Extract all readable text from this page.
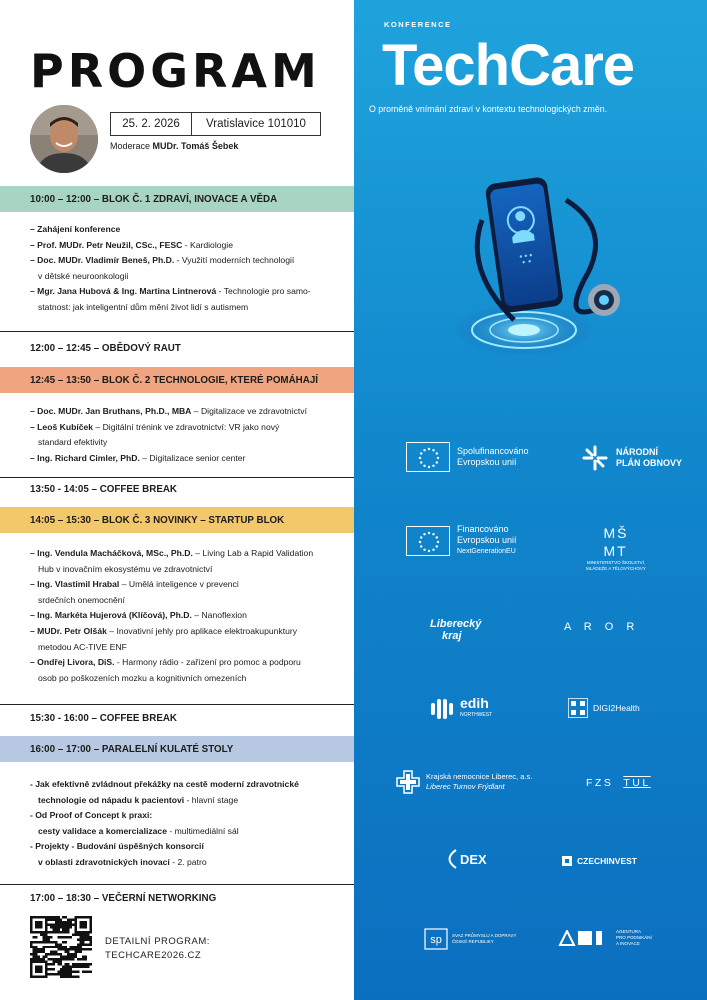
PROGRAM
25. 2. 2026	Vratislavice 101010
Moderace MUDr. Tomáš Šebek
10:00 – 12:00 – BLOK Č. 1 ZDRAVÍ, INOVACE A VĚDA
– Zahájení konference
– Prof. MUDr. Petr Neužil, CSc., FESC - Kardiologie
– Doc. MUDr. Vladimír Beneš, Ph.D. - Využití moderních technologií
v dětské neuroonkologii
– Mgr. Jana Hubová & Ing. Martina Lintnerová - Technologie pro samo-
statnost: jak inteligentní dům mění život lidí s autismem
12:00 – 12:45 – OBĚDOVÝ RAUT
12:45 – 13:50 – BLOK Č. 2 TECHNOLOGIE, KTERÉ POMÁHAJÍ
– Doc. MUDr. Jan Bruthans, Ph.D., MBA – Digitalizace ve zdravotnictví
– Leoš Kubíček – Digitální trénink ve zdravotnictví: VR jako nový
standard efektivity
– Ing. Richard Cimler, PhD. – Digitalizace senior center
13:50 - 14:05 – COFFEE BREAK
14:05 – 15:30 – BLOK Č. 3 NOVINKY – STARTUP BLOK
– Ing. Vendula Macháčková, MSc., Ph.D. – Living Lab a Rapid Validation
Hub v inovačním ekosystému ve zdravotnictví
– Ing. Vlastimil Hrabal – Umělá inteligence v prevenci
srdečních onemocnění
– Ing. Markéta Hujerová (Klíčová), Ph.D. – Nanoflexion
– MUDr. Petr Olšák – Inovativní jehly pro aplikace elektroakupunktury
metodou AC-TIVE ENF
– Ondřej Livora, DiS. - Harmony rádio - zařízení pro pomoc a podporu
osob po poškozeních mozku a kognitivních omezeních
15:30 - 16:00 – COFFEE BREAK
16:00 – 17:00 – PARALELNÍ KULATÉ STOLY
- Jak efektivně zvládnout překážky na cestě moderní zdravotnické
technologie od nápadu k pacientovi - hlavní stage
- Od Proof of Concept k praxi:
cesty validace a komercializace - multimediální sál
- Projekty - Budování úspěšných konsorcií
v oblasti zdravotnických inovací - 2. patro
17:00 – 18:30 – VEČERNÍ NETWORKING
DETAILNÍ PROGRAM:
TECHCARE2026.CZ
KONFERENCE
TechCare
O proměně vnímání zdraví v kontextu technologických změn.
Spolufinancováno
Evropskou unií
NÁRODNÍ
PLÁN OBNOVY
Financováno
Evropskou unií
NextGenerationEU
MŠ
MT
MINISTERSTVO ŠKOLSTVÍ,
MLÁDEŽE A TĚLOVÝCHOVY
Liberecký
kraj
A R O R
edih
NORTHWEST
DIGI2Health
Krajská nemocnice Liberec, a.s.
Liberec Turnov Frýdlant	FZS TUL
DEX	CZECHINVEST
sp SVAZ PRŮMYSLU A DOPRAVY
ČESKÉ REPUBLIKY
AGENTURA
PRO PODNIKÁNÍ
A INOVACE
